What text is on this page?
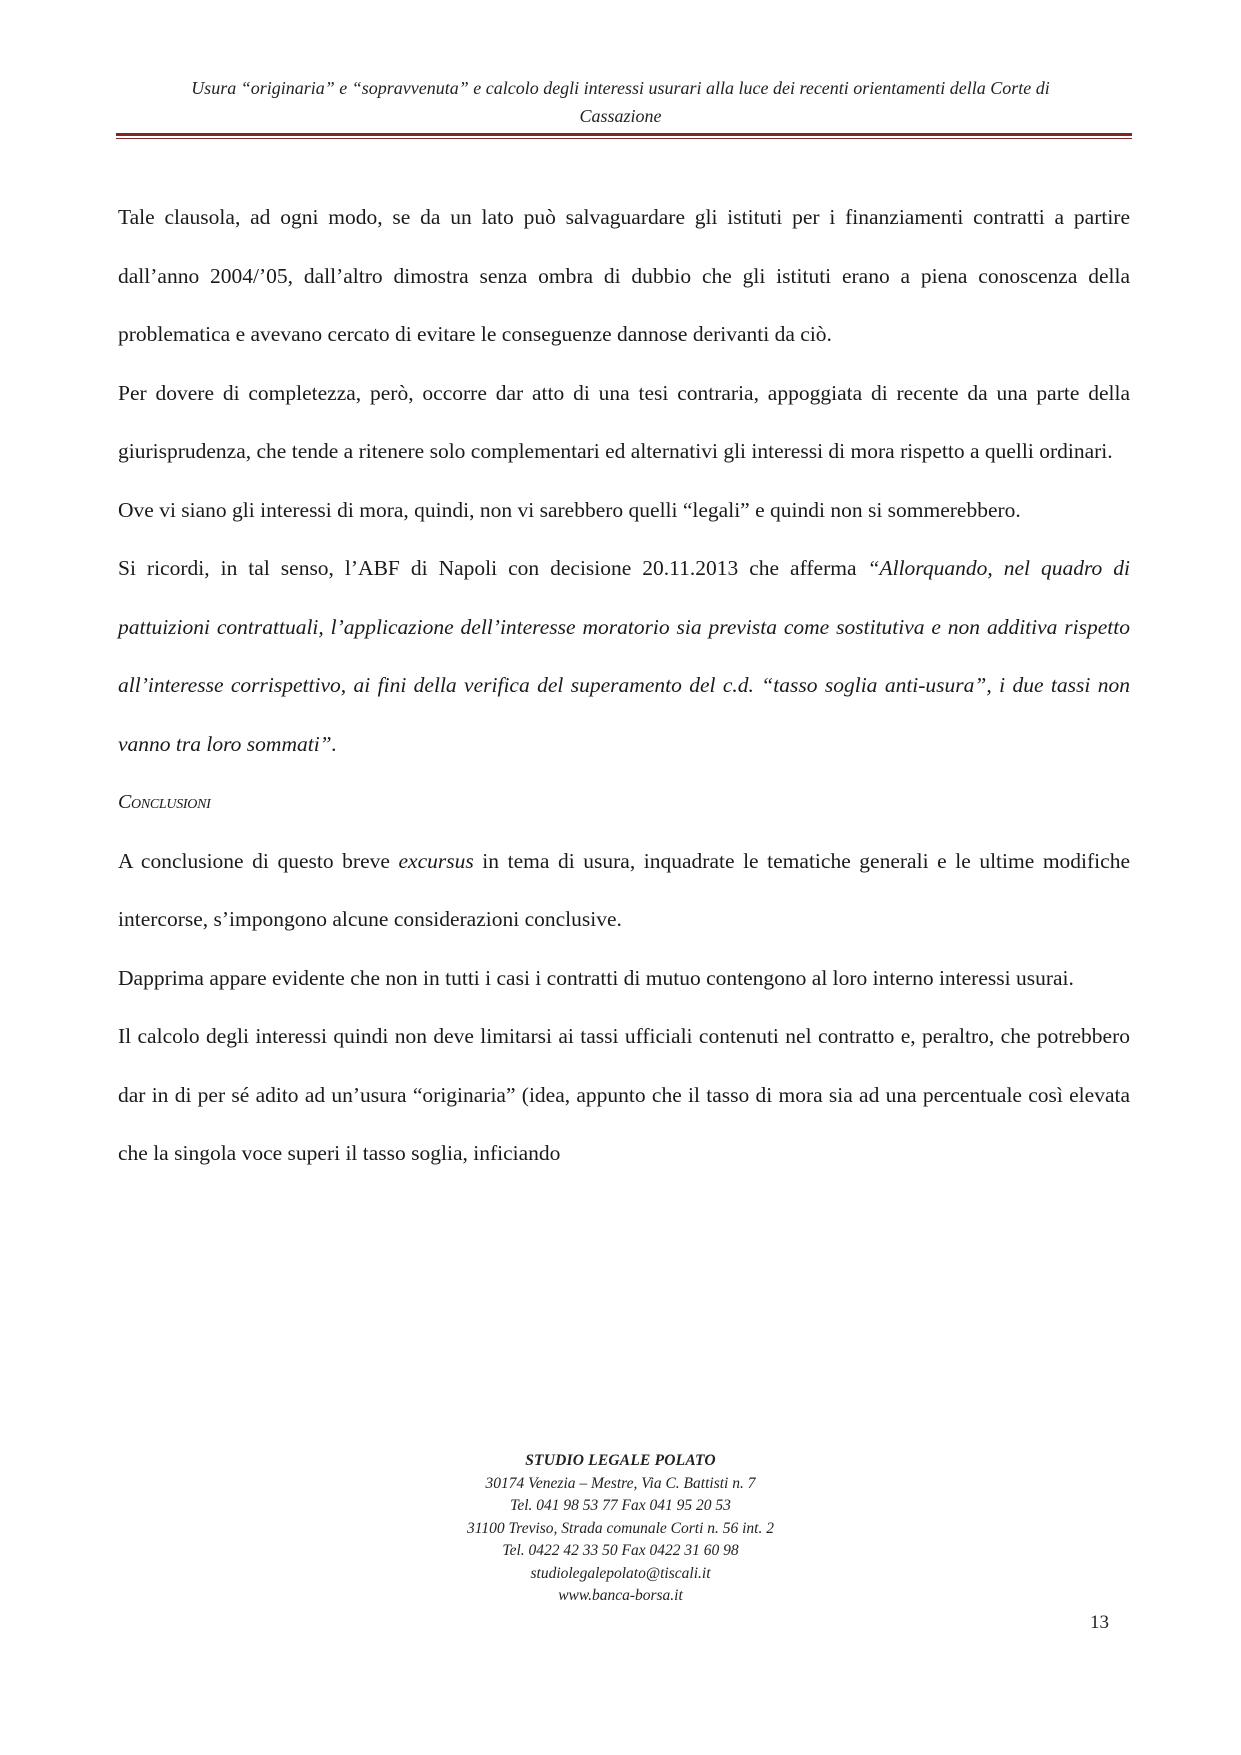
Usura “originaria” e “sopravvenuta” e calcolo degli interessi usurari alla luce dei recenti orientamenti della Corte di
Cassazione

Tale clausola, ad ogni modo, se da un lato può salvaguardare gli istituti per i finanziamenti contratti a partire dall’anno 2004/’05, dall’altro dimostra senza ombra di dubbio che gli istituti erano a piena conoscenza della problematica e avevano cercato di evitare le conseguenze dannose derivanti da ciò.

Per dovere di completezza, però, occorre dar atto di una tesi contraria, appoggiata di recente da una parte della giurisprudenza, che tende a ritenere solo complementari ed alternativi gli interessi di mora rispetto a quelli ordinari.

Ove vi siano gli interessi di mora, quindi, non vi sarebbero quelli “legali” e quindi non si sommerebbero.

Si ricordi, in tal senso, l’ABF di Napoli con decisione 20.11.2013 che afferma “Allorquando, nel quadro di pattuizioni contrattuali, l’applicazione dell’interesse moratorio sia prevista come sostitutiva e non additiva rispetto all’interesse corrispettivo, ai fini della verifica del superamento del c.d. “tasso soglia anti-usura”, i due tassi non vanno tra loro sommati”.

Conclusioni

A conclusione di questo breve excursus in tema di usura, inquadrate le tematiche generali e le ultime modifiche intercorse, s’impongono alcune considerazioni conclusive.

Dapprima appare evidente che non in tutti i casi i contratti di mutuo contengono al loro interno interessi usurai.

Il calcolo degli interessi quindi non deve limitarsi ai tassi ufficiali contenuti nel contratto e, peraltro, che potrebbero dar in di per sé adito ad un’usura “originaria” (idea, appunto che il tasso di mora sia ad una percentuale così elevata che la singola voce superi il tasso soglia, inficiando

STUDIO LEGALE POLATO
30174 Venezia – Mestre, Via C. Battisti n. 7
Tel. 041 98 53 77 Fax 041 95 20 53
31100 Treviso, Strada comunale Corti n. 56 int. 2
Tel. 0422 42 33 50 Fax 0422 31 60 98
studiolegalepolato@tiscali.it
www.banca-borsa.it
13
